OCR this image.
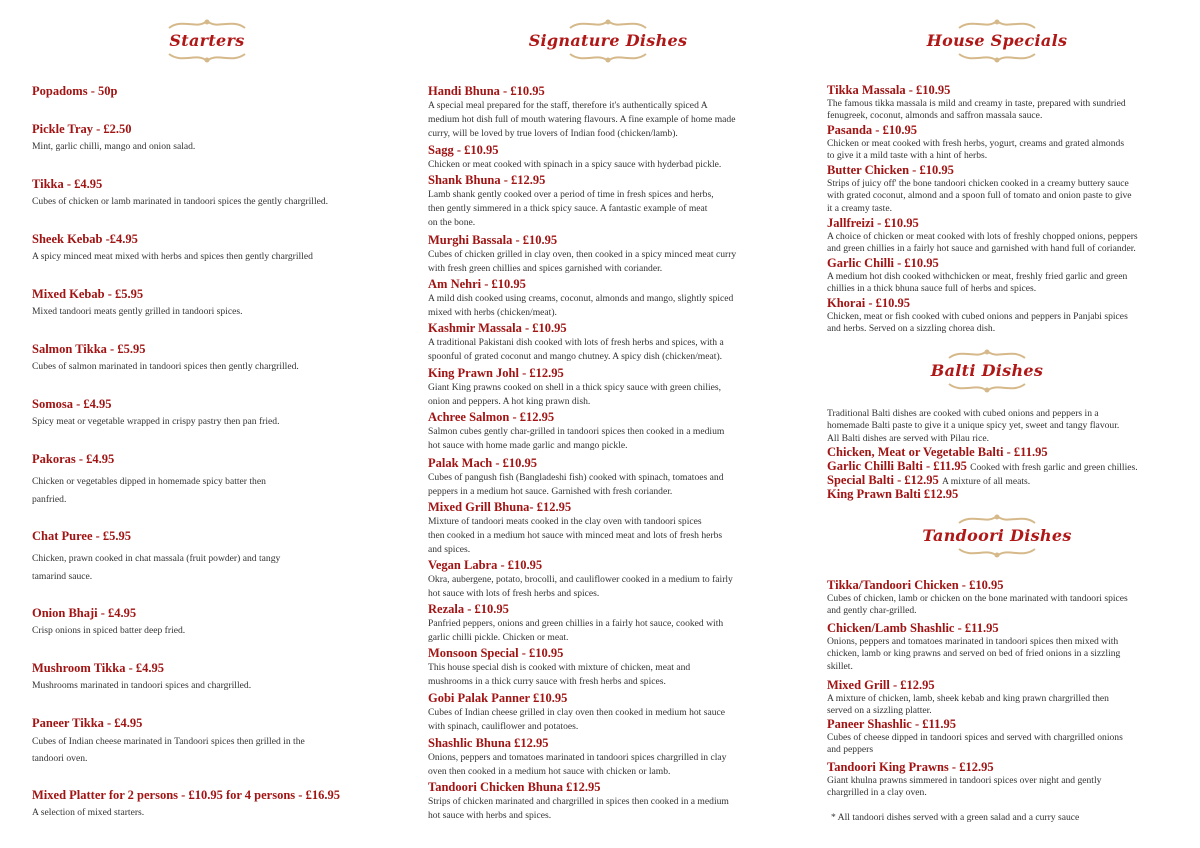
Starters
Popadoms - 50p
Pickle Tray - £2.50
Mint, garlic chilli, mango and onion salad.
Tikka - £4.95
Cubes of chicken or lamb marinated in tandoori spices the gently chargrilled.
Sheek Kebab -£4.95
A spicy minced meat mixed with herbs and spices then gently chargrilled
Mixed Kebab - £5.95
Mixed tandoori meats gently grilled in tandoori spices.
Salmon Tikka - £5.95
Cubes of salmon marinated in tandoori spices then gently chargrilled.
Somosa - £4.95
Spicy meat or vegetable wrapped in crispy pastry then pan fried.
Pakoras - £4.95
Chicken or vegetables dipped in homemade spicy batter then
panfried.
Chat Puree - £5.95
Chicken, prawn cooked in chat massala (fruit powder) and tangy
tamarind sauce.
Onion Bhaji - £4.95
Crisp onions in spiced batter deep fried.
Mushroom Tikka - £4.95
Mushrooms marinated in tandoori spices and chargrilled.
Paneer Tikka - £4.95
Cubes of Indian cheese marinated in Tandoori spices then grilled in the
tandoori oven.
Mixed Platter for 2 persons - £10.95 for 4 persons - £16.95
A selection of mixed starters.
Signature Dishes
Handi Bhuna - £10.95
A special meal prepared for the staff, therefore it's authentically spiced A
medium hot dish full of mouth watering flavours. A fine example of home made
curry, will be loved by true lovers of Indian food (chicken/lamb).
Sagg - £10.95
Chicken or meat cooked with spinach in a spicy sauce with hyderbad pickle.
Shank Bhuna - £12.95
Lamb shank gently cooked over a period of time in fresh spices and herbs,
then gently simmered in a thick spicy sauce. A fantastic example of meat
on the bone.
Murghi Bassala - £10.95
Cubes of chicken grilled in clay oven, then cooked in a spicy minced meat curry
with fresh green chillies and spices garnished with coriander.
Am Nehri - £10.95
A mild dish cooked using creams, coconut, almonds and mango, slightly spiced
mixed with herbs (chicken/meat).
Kashmir Massala - £10.95
A traditional Pakistani dish cooked with lots of fresh herbs and spices, with a
spoonful of grated coconut and mango chutney. A spicy dish (chicken/meat).
King Prawn Johl - £12.95
Giant King prawns cooked on shell in a thick spicy sauce with green chilies,
onion and peppers. A hot king prawn dish.
Achree Salmon - £12.95
Salmon cubes gently char-grilled in tandoori spices then cooked in a medium
hot sauce with home made garlic and mango pickle.
Palak Mach - £10.95
Cubes of pangush fish (Bangladeshi fish) cooked with spinach, tomatoes and
peppers in a medium hot sauce. Garnished with fresh coriander.
Mixed Grill Bhuna- £12.95
Mixture of tandoori meats cooked in the clay oven with tandoori spices
then cooked in a medium hot sauce with minced meat and lots of fresh herbs
and spices.
Vegan Labra - £10.95
Okra, aubergene, potato, brocolli, and cauliflower cooked in a medium to fairly
hot sauce with lots of fresh herbs and spices.
Rezala - £10.95
Panfried peppers, onions and green chillies in a fairly hot sauce, cooked with
garlic chilli pickle. Chicken or meat.
Monsoon Special - £10.95
This house special dish is cooked with mixture of chicken, meat and
mushrooms in a thick curry sauce with fresh herbs and spices.
Gobi Palak Panner £10.95
Cubes of Indian cheese grilled in clay oven then cooked in medium hot sauce
with spinach, cauliflower and potatoes.
Shashlic Bhuna £12.95
Onions, peppers and tomatoes marinated in tandoori spices chargrilled in clay
oven then cooked in a medium hot sauce with chicken or lamb.
Tandoori Chicken Bhuna £12.95
Strips of chicken marinated and chargrilled in spices then cooked in a medium
hot sauce with herbs and spices.
House Specials
Tikka Massala - £10.95
The famous tikka massala is mild and creamy in taste, prepared with sundried
fenugreek, coconut, almonds and saffron massala sauce.
Pasanda - £10.95
Chicken or meat cooked with fresh herbs, yogurt, creams and grated almonds
to give it a mild taste with a hint of herbs.
Butter Chicken - £10.95
Strips of juicy off' the bone tandoori chicken cooked in a creamy buttery sauce
with grated coconut, almond and a spoon full of tomato and onion paste to give
it a creamy taste.
Jallfreizi - £10.95
A choice of chicken or meat cooked with lots of freshly chopped onions, peppers
and green chillies in a fairly hot sauce and garnished with hand full of coriander.
Garlic Chilli - £10.95
A medium hot dish cooked withchicken or meat, freshly fried garlic and green
chillies in a thick bhuna sauce full of herbs and spices.
Khorai - £10.95
Chicken, meat or fish cooked with cubed onions and peppers in Panjabi spices
and herbs. Served on a sizzling chorea dish.
Balti Dishes
Traditional Balti dishes are cooked with cubed onions and peppers in a
homemade Balti paste to give it a unique spicy yet, sweet and tangy flavour.
All Balti dishes are served with Pilau rice.
Chicken, Meat or Vegetable Balti - £11.95
Garlic Chilli Balti - £11.95 Cooked with fresh garlic and green chillies.
Special Balti - £12.95 A mixture of all meats.
King Prawn Balti £12.95
Tandoori Dishes
Tikka/Tandoori Chicken - £10.95
Cubes of chicken, lamb or chicken on the bone marinated with tandoori spices
and gently char-grilled.
Chicken/Lamb Shashlic - £11.95
Onions, peppers and tomatoes marinated in tandoori spices then mixed with
chicken, lamb or king prawns and served on bed of fried onions in a sizzling
skillet.
Mixed Grill - £12.95
A mixture of chicken, lamb, sheek kebab and king prawn chargrilled then
served on a sizzling platter.
Paneer Shashlic - £11.95
Cubes of cheese dipped in tandoori spices and served with chargrilled onions
and peppers
Tandoori King Prawns - £12.95
Giant khulna prawns simmered in tandoori spices over night and gently
chargrilled in a clay oven.
* All tandoori dishes served with a green salad and a curry sauce
